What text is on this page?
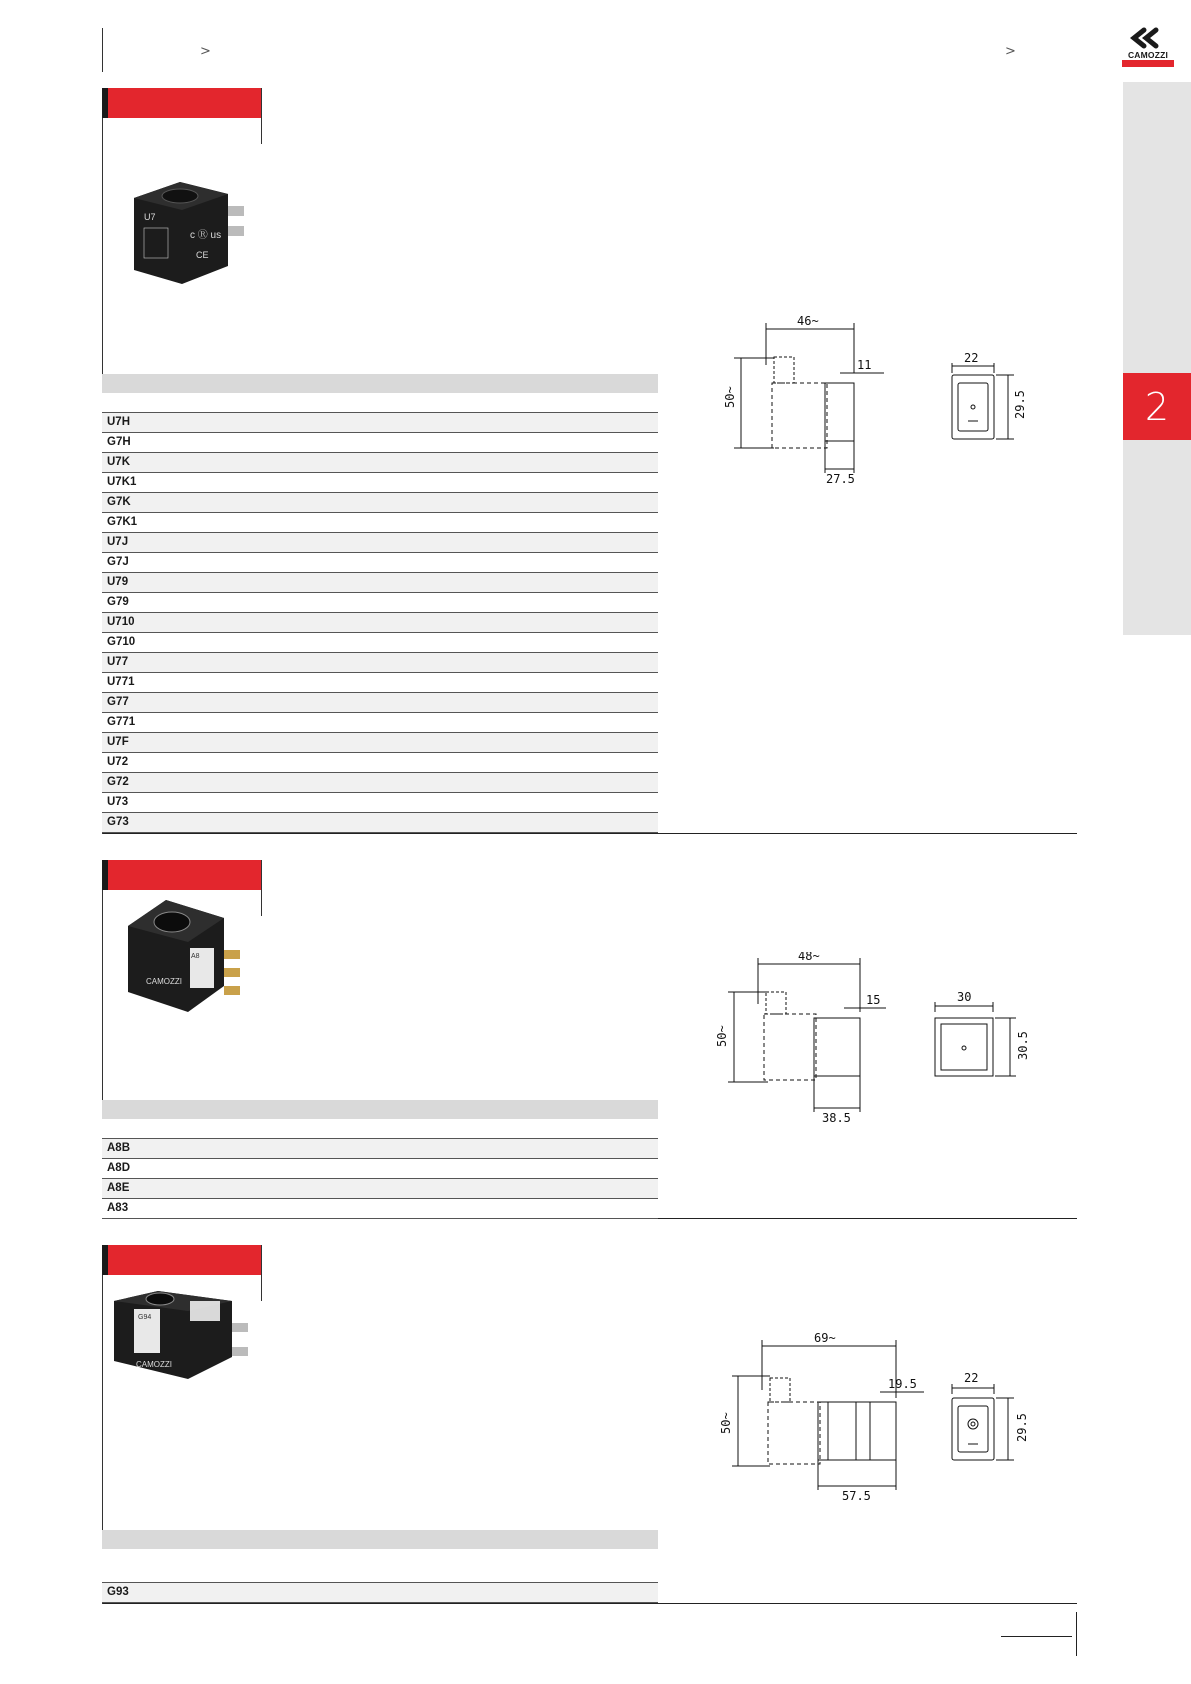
>	>	CAMOZZI
2
U7
c Ⓡ us
CE
U7H
G7H
U7K
U7K1
G7K
G7K1
U7J
G7J
U79
G79
U710
G710
U77
U771
G77
G771
U7F
U72
G72
U73
G73
46~
11
50~
27.5
22
29.5
A8
CAMOZZI
A8B
A8D
A8E
A83
48~
15
50~
38.5
30
30.5
G94
CAMOZZI
G93
69~
19.5
50~
57.5
22
29.5
